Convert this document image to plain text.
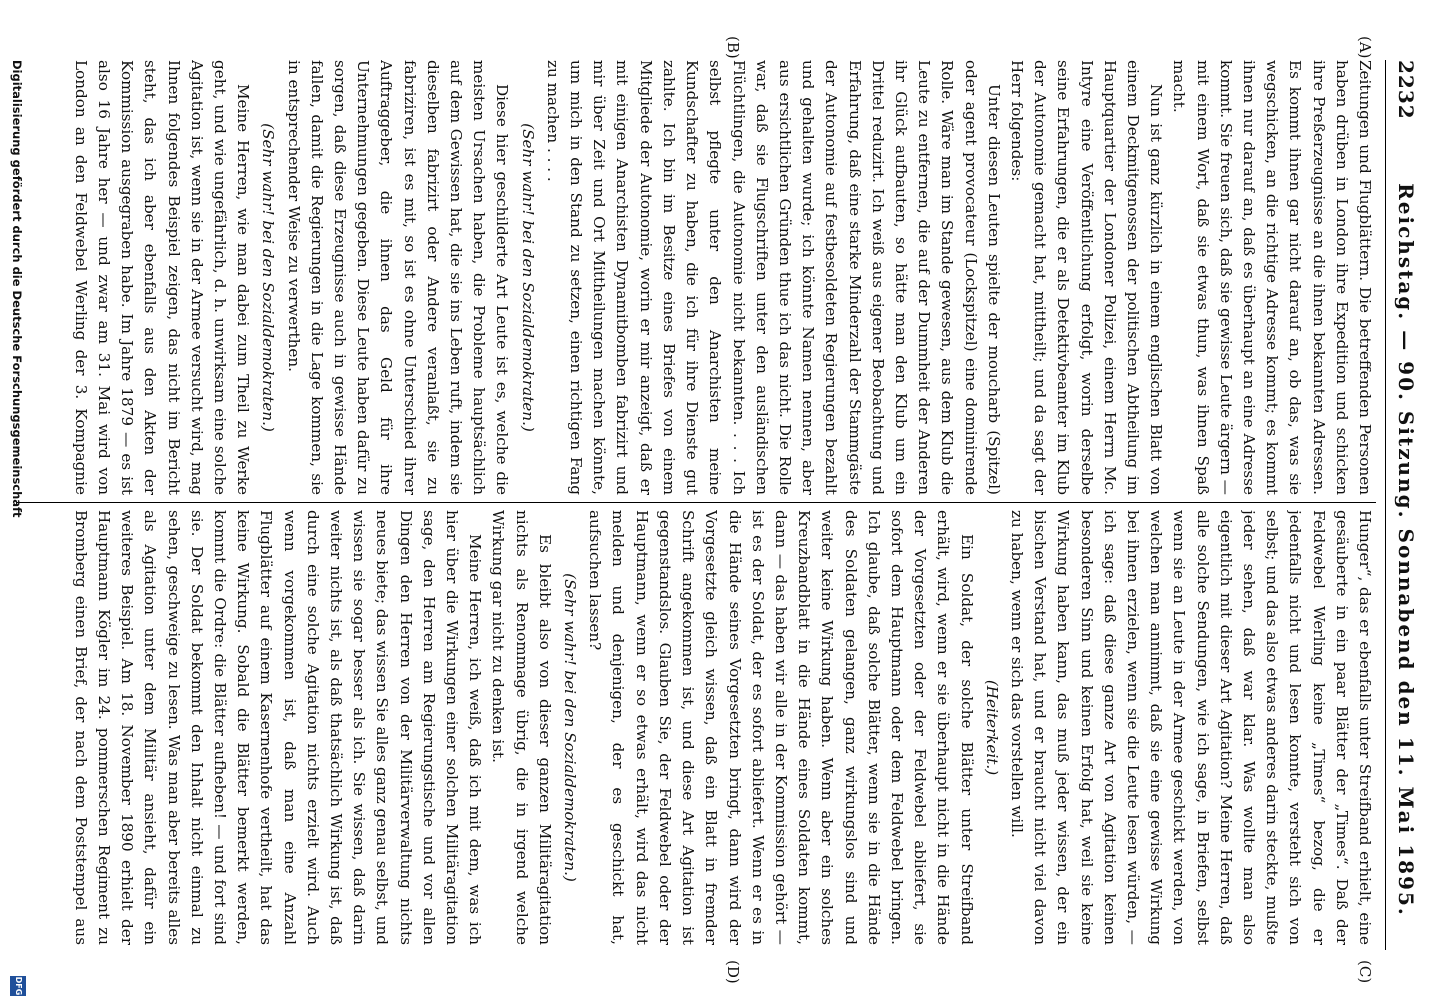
2232
Reichstag. — 90. Sitzung. Sonnabend den 11. Mai 1895.
(A)
(B)
(C)
(D)

Zeitungen und Flugblättern. Die betreffenden Personen haben drüben in London ihre Expedition und schicken ihre Preßerzeugnisse an die ihnen bekannten Adressen. Es kommt ihnen gar nicht darauf an, ob das, was sie wegschicken, an die richtige Adresse kommt; es kommt ihnen nur darauf an, daß es überhaupt an eine Adresse kommt. Sie freuen sich, daß sie gewisse Leute ärgern — mit einem Wort, daß sie etwas thun, was ihnen Spaß macht.

Nun ist ganz kürzlich in einem englischen Blatt von einem Deckmitgenossen der politischen Abtheilung im Hauptquartier der Londoner Polizei, einem Herrn Mc. Intyre eine Veröffentlichung erfolgt, worin derselbe seine Erfahrungen, die er als Detektivbeamter im Klub der Autonomie gemacht hat, mittheilt; und da sagt der Herr folgendes:

Unter diesen Leuten spielte der moucharb (Spitzel) oder agent provocateur (Lockspitzel) eine dominirende Rolle. Wäre man im Stande gewesen, aus dem Klub die Leute zu entfernen, die auf der Dummheit der Anderen ihr Glück aufbauten, so hätte man den Klub um ein Drittel reduzirt. Ich weiß aus eigener Beobachtung und Erfahrung, daß eine starke Minderzahl der Stammgäste der Autonomie auf festbesoldeten Regierungen bezahlt und gehalten wurde; ich könnte Namen nennen, aber aus ersichtlichen Gründen thue ich das nicht. Die Rolle war, daß sie Flugschriften unter den ausländischen Flüchtlingen, die Autonomie nicht bekannten. . . . Ich selbst pflegte unter den Anarchisten meine Kundschafter zu haben, die ich für ihre Dienste gut zahlte. Ich bin im Besitze eines Briefes von einem Mitgliede der Autonomie, worin er mir anzeigt, daß er mit einigen Anarchisten Dynamitbomben fabrizirt und mir über Zeit und Ort Mittheilungen machen könnte, um mich in den Stand zu setzen, einen richtigen Fang zu machen . . . .

(Sehr wahr! bei den Sozialdemokraten.)

Diese hier geschilderte Art Leute ist es, welche die meisten Ursachen haben, die Probleme hauptsächlich auf dem Gewissen hat, die sie ins Leben ruft, indem sie dieselben fabrizirt oder Andere veranlaßt, sie zu fabriziren, ist es mit, so ist es ohne Unterschied ihrer Auftraggeber, die ihnen das Geld für ihre Unternehmungen gegeben. Diese Leute haben dafür zu sorgen, daß diese Erzeugnisse auch in gewisse Hände fallen, damit die Regierungen in die Lage kommen, sie in entsprechender Weise zu verwerthen.

(Sehr wahr! bei den Sozialdemokraten.)

Meine Herren, wie man dabei zum Theil zu Werke geht, und wie ungefährlich, d. h. unwirksam eine solche Agitation ist, wenn sie in der Armee versucht wird, mag Ihnen folgendes Beispiel zeigen, das nicht im Bericht steht, das ich aber ebenfalls aus den Akten der Kommission ausgegraben habe. Im Jahre 1879 — es ist also 16 Jahre her — und zwar am 31. Mai wird von London an den Feldwebel Werling der 3. Kompagnie

Hunger“, das er ebenfalls unter Streifband erhielt, eine gesäuberte in ein paar Blätter der „Times“. Daß der Feldwebel Werling keine „Times“ bezog, die er jedenfalls nicht und lesen konnte, versteht sich von selbst; und das also etwas anderes darin steckte, mußte jeder sehen, daß war klar. Was wollte man also eigentlich mit dieser Art Agitation? Meine Herren, daß alle solche Sendungen, wie ich sage, in Briefen, selbst wenn sie an Leute in der Armee geschickt werden, von welchen man annimmt, daß sie eine gewisse Wirkung bei ihnen erzielen, wenn sie die Leute lesen würden, — ich sage: daß diese ganze Art von Agitation keinen besonderen Sinn und keinen Erfolg hat, weil sie keine Wirkung haben kann, das muß jeder wissen, der ein bischen Verstand hat, und er braucht nicht viel davon zu haben, wenn er sich das vorstellen will.

(Heiterkeit.)

Ein Soldat, der solche Blätter unter Streifband erhält, wird, wenn er sie überhaupt nicht in die Hände der Vorgesetzten oder der Feldwebel abliefert, sie sofort dem Hauptmann oder dem Feldwebel bringen. Ich glaube, daß solche Blätter, wenn sie in die Hände des Soldaten gelangen, ganz wirkungslos sind und weiter keine Wirkung haben. Wenn aber ein solches Kreuzbandblatt in die Hände eines Soldaten kommt, dann — das haben wir alle in der Kommission gehört — ist es der Soldat, der es sofort abliefert. Wenn er es in die Hände seines Vorgesetzten bringt, dann wird der Vorgesetzte gleich wissen, daß ein Blatt in fremder Schrift angekommen ist, und diese Art Agitation ist gegenstandslos. Glauben Sie, der Feldwebel oder der Hauptmann, wenn er so etwas erhält, wird das nicht melden und denjenigen, der es geschickt hat, aufsuchen lassen?

(Sehr wahr! bei den Sozialdemokraten.)

Es bleibt also von dieser ganzen Militäragitation nichts als Renommage übrig, die in irgend welche Wirkung gar nicht zu denken ist.

Meine Herren, ich weiß, daß ich mit dem, was ich hier über die Wirkungen einer solchen Militäragitation sage, den Herren am Regierungstische und vor allen Dingen den Herren von der Militärverwaltung nichts neues biete; das wissen Sie alles ganz genau selbst, und wissen sie sogar besser als ich. Sie wissen, daß darin weiter nichts ist, als daß thatsächlich Wirkung ist, daß durch eine solche Agitation nichts erzielt wird. Auch wenn vorgekommen ist, daß man eine Anzahl Flugblätter auf einem Kasernenhofe vertheilt, hat das keine Wirkung. Sobald die Blätter bemerkt werden, kommt die Ordre: die Blätter aufheben! — und fort sind sie. Der Soldat bekommt den Inhalt nicht einmal zu sehen, geschweige zu lesen. Was man aber bereits alles als Agitation unter dem Militär ansieht, dafür ein weiteres Beispiel. Am 18. November 1890 erhielt der Hauptmann Kögler im 24. pommerschen Regiment zu Bromberg einen Brief, der nach dem Poststempel aus

Digitalisierung gefördert durch die Deutsche Forschungsgemeinschaft
DFG
